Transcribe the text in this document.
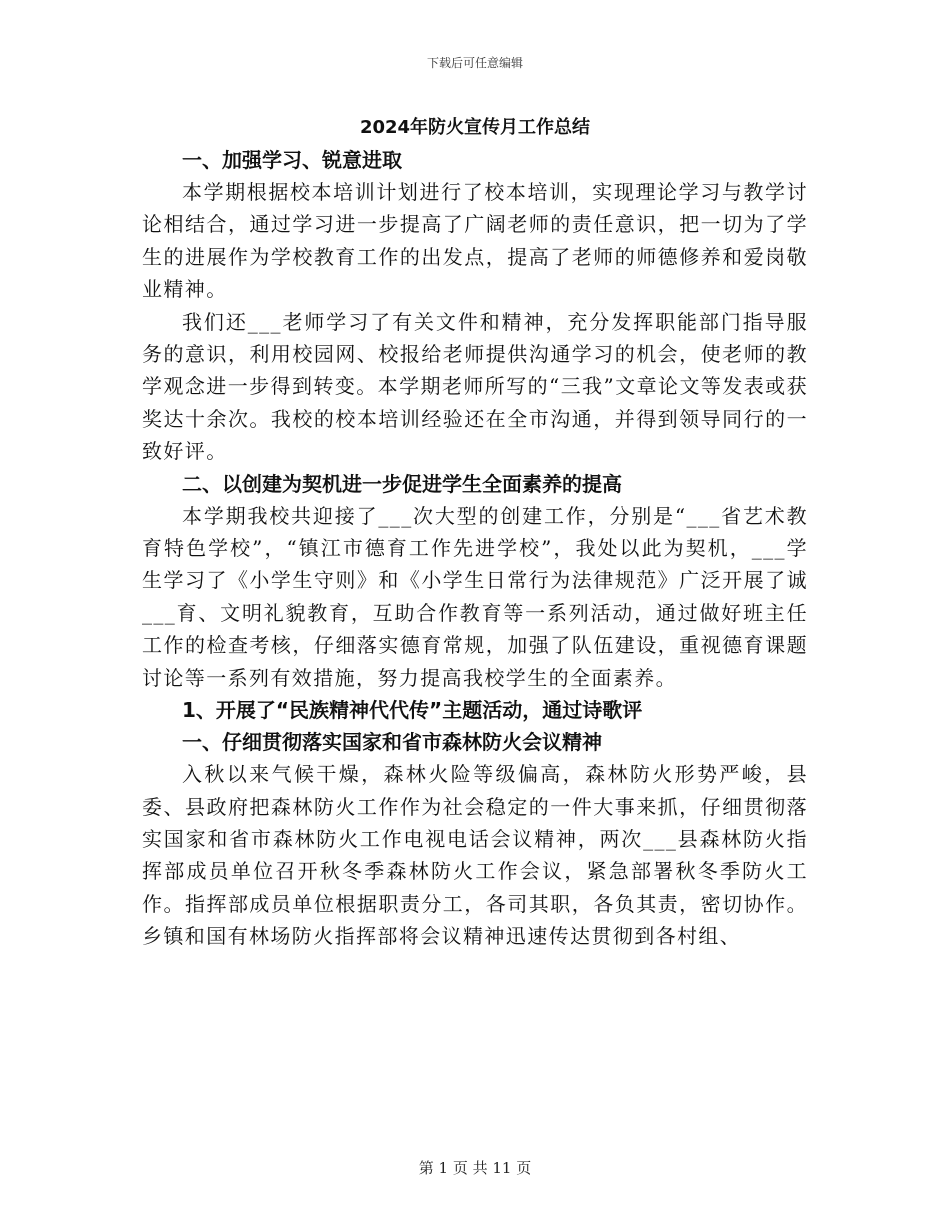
下载后可任意编辑

2024年防火宣传月工作总结

一、加强学习、锐意进取

本学期根据校本培训计划进行了校本培训，实现理论学习与教学讨论相结合，通过学习进一步提高了广阔老师的责任意识，把一切为了学生的进展作为学校教育工作的出发点，提高了老师的师德修养和爱岗敬业精神。

我们还___老师学习了有关文件和精神，充分发挥职能部门指导服务的意识，利用校园网、校报给老师提供沟通学习的机会，使老师的教学观念进一步得到转变。本学期老师所写的“三我”文章论文等发表或获奖达十余次。我校的校本培训经验还在全市沟通，并得到领导同行的一致好评。

二、以创建为契机进一步促进学生全面素养的提高

本学期我校共迎接了___次大型的创建工作，分别是“___省艺术教育特色学校”，“镇江市德育工作先进学校”，我处以此为契机，___学生学习了《小学生守则》和《小学生日常行为法律规范》广泛开展了诚___育、文明礼貌教育，互助合作教育等一系列活动，通过做好班主任工作的检查考核，仔细落实德育常规，加强了队伍建设，重视德育课题讨论等一系列有效措施，努力提高我校学生的全面素养。

1、开展了“民族精神代代传”主题活动，通过诗歌评

一、仔细贯彻落实国家和省市森林防火会议精神

入秋以来气候干燥，森林火险等级偏高，森林防火形势严峻，县委、县政府把森林防火工作作为社会稳定的一件大事来抓，仔细贯彻落实国家和省市森林防火工作电视电话会议精神，两次___县森林防火指挥部成员单位召开秋冬季森林防火工作会议，紧急部署秋冬季防火工作。指挥部成员单位根据职责分工，各司其职，各负其责，密切协作。乡镇和国有林场防火指挥部将会议精神迅速传达贯彻到各村组、

第 1 页 共 11 页
